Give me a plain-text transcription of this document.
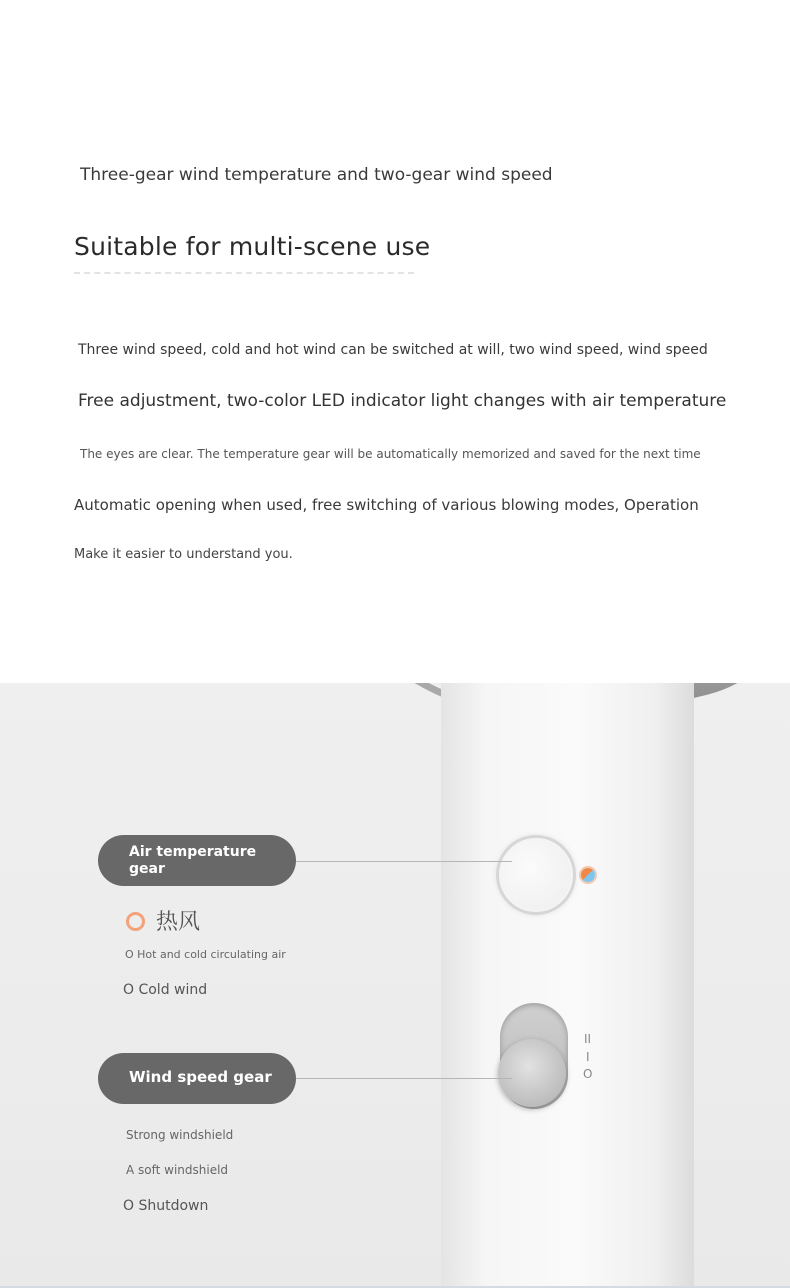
Three-gear wind temperature and two-gear wind speed
Suitable for multi-scene use
Three wind speed, cold and hot wind can be switched at will, two wind speed, wind speed
Free adjustment, two-color LED indicator light changes with air temperature
The eyes are clear. The temperature gear will be automatically memorized and saved for the next time
Automatic opening when used, free switching of various blowing modes, Operation
Make it easier to understand you.
II
I
O
Air temperature gear
Wind speed gear
热风
O Hot and cold circulating air
O Cold wind
Strong windshield
A soft windshield
O Shutdown
